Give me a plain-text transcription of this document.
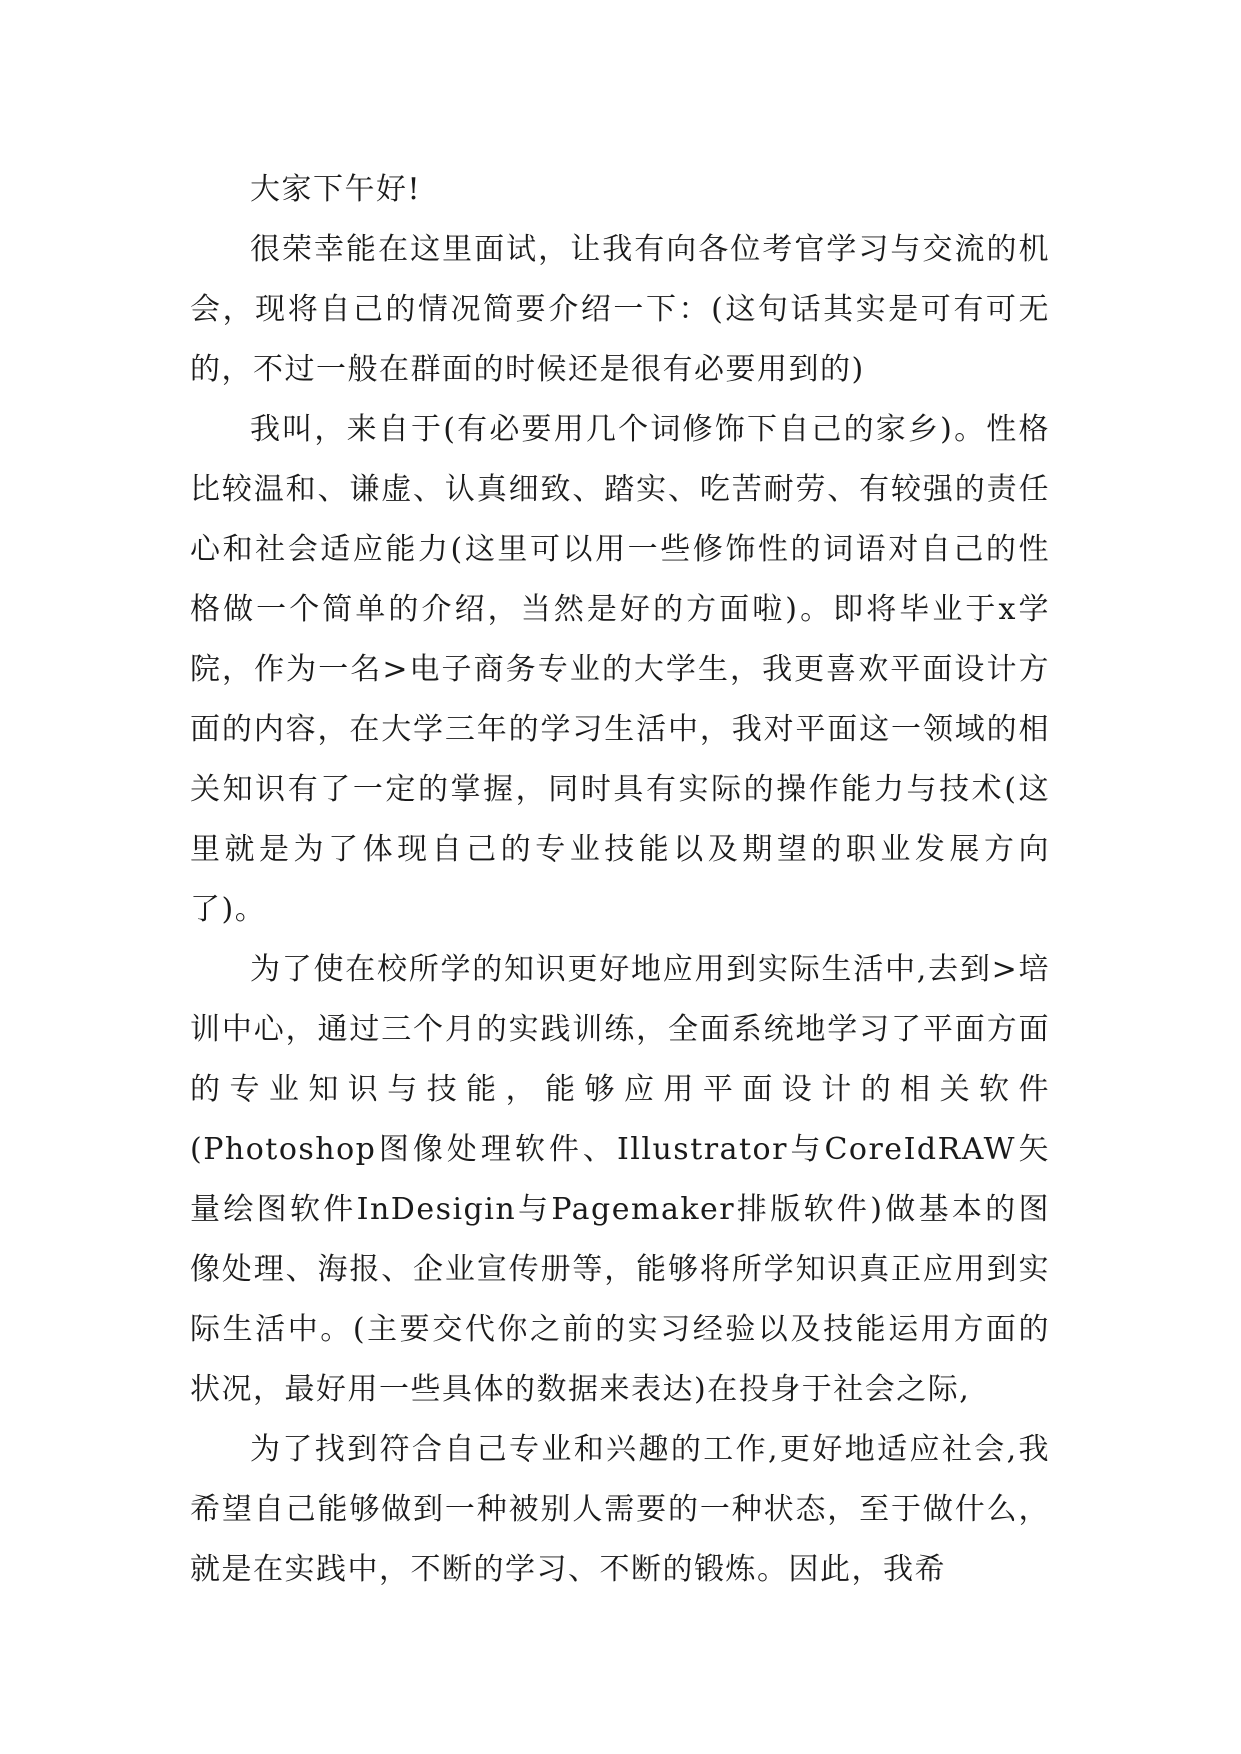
大家下午好!

很荣幸能在这里面试，让我有向各位考官学习与交流的机会，现将自己的情况简要介绍一下：(这句话其实是可有可无的，不过一般在群面的时候还是很有必要用到的)

我叫，来自于(有必要用几个词修饰下自己的家乡)。性格比较温和、谦虚、认真细致、踏实、吃苦耐劳、有较强的责任心和社会适应能力(这里可以用一些修饰性的词语对自己的性格做一个简单的介绍，当然是好的方面啦)。即将毕业于x学院，作为一名>电子商务专业的大学生，我更喜欢平面设计方面的内容，在大学三年的学习生活中，我对平面这一领域的相关知识有了一定的掌握，同时具有实际的操作能力与技术(这里就是为了体现自己的专业技能以及期望的职业发展方向了)。

为了使在校所学的知识更好地应用到实际生活中,去到>培训中心，通过三个月的实践训练，全面系统地学习了平面方面的专业知识与技能，能够应用平面设计的相关软件(Photoshop图像处理软件、Illustrator与CoreIdRAW矢量绘图软件InDesigin与Pagemaker排版软件)做基本的图像处理、海报、企业宣传册等，能够将所学知识真正应用到实际生活中。(主要交代你之前的实习经验以及技能运用方面的状况，最好用一些具体的数据来表达)在投身于社会之际,

为了找到符合自己专业和兴趣的工作,更好地适应社会,我希望自己能够做到一种被别人需要的一种状态，至于做什么，就是在实践中，不断的学习、不断的锻炼。因此，我希
